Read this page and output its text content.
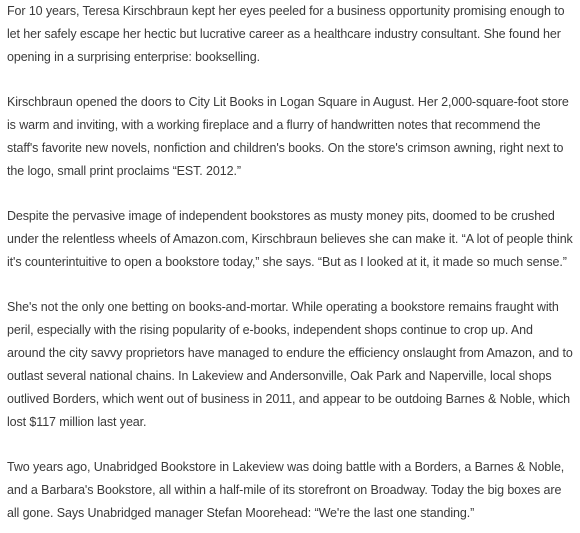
For 10 years, Teresa Kirschbraun kept her eyes peeled for a business opportunity promising enough to let her safely escape her hectic but lucrative career as a healthcare industry consultant. She found her opening in a surprising enterprise: bookselling.

Kirschbraun opened the doors to City Lit Books in Logan Square in August. Her 2,000-square-foot store is warm and inviting, with a working fireplace and a flurry of handwritten notes that recommend the staff's favorite new novels, nonfiction and children's books. On the store's crimson awning, right next to the logo, small print proclaims “EST. 2012.”

Despite the pervasive image of independent bookstores as musty money pits, doomed to be crushed under the relentless wheels of Amazon.com, Kirschbraun believes she can make it. “A lot of people think it's counterintuitive to open a bookstore today,” she says. “But as I looked at it, it made so much sense.”

She's not the only one betting on books-and-mortar. While operating a bookstore remains fraught with peril, especially with the rising popularity of e-books, independent shops continue to crop up. And around the city savvy proprietors have managed to endure the efficiency onslaught from Amazon, and to outlast several national chains. In Lakeview and Andersonville, Oak Park and Naperville, local shops outlived Borders, which went out of business in 2011, and appear to be outdoing Barnes & Noble, which lost $117 million last year.

Two years ago, Unabridged Bookstore in Lakeview was doing battle with a Borders, a Barnes & Noble, and a Barbara's Bookstore, all within a half-mile of its storefront on Broadway. Today the big boxes are all gone. Says Unabridged manager Stefan Moorehead: “We're the last one standing.”
